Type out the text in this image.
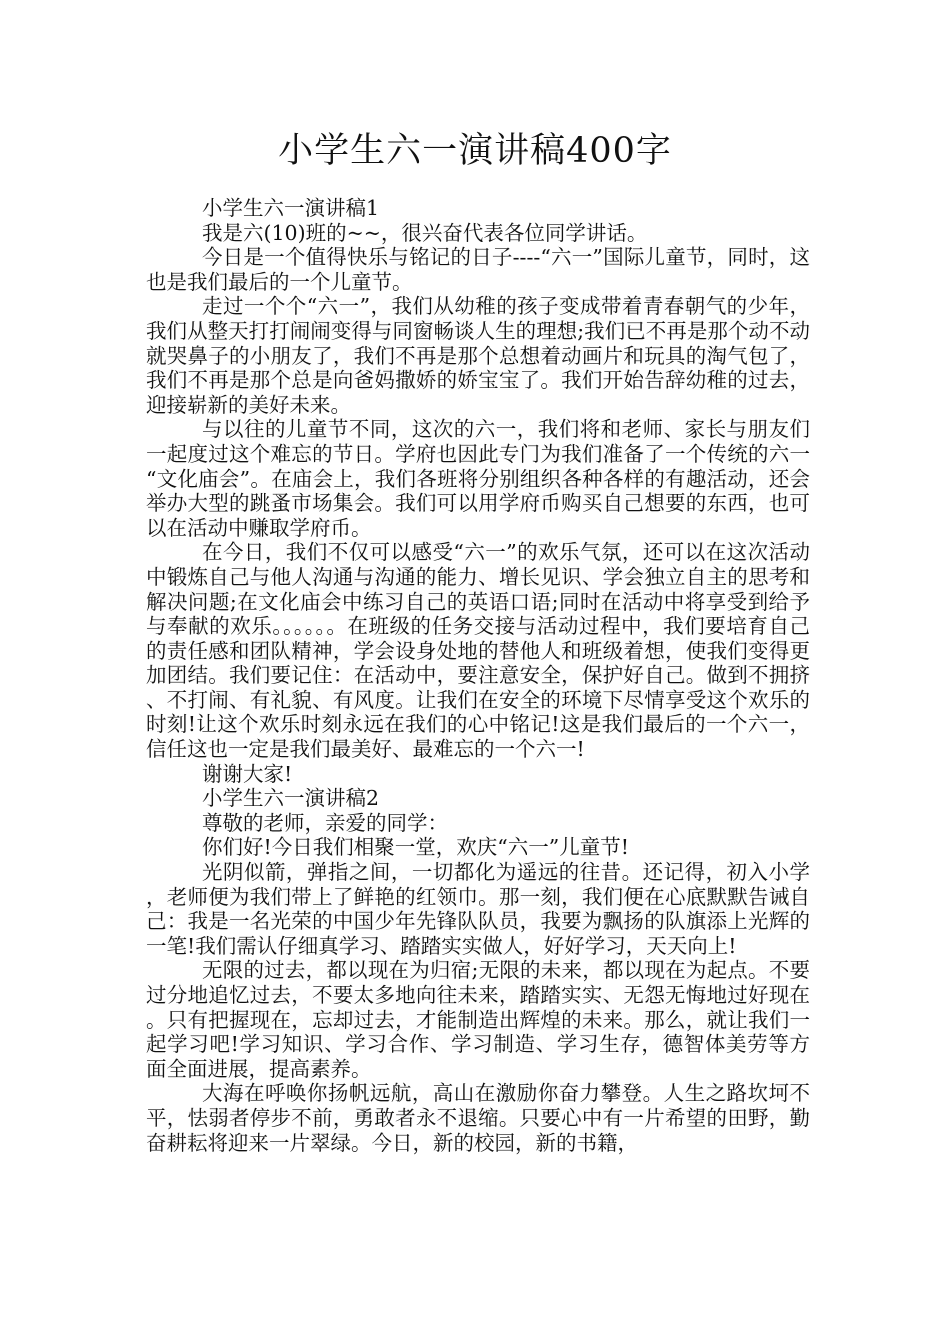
小学生六一演讲稿400字

小学生六一演讲稿1

我是六(10)班的~~，很兴奋代表各位同学讲话。

今日是一个值得快乐与铭记的日子----“六一”国际儿童节，同时，这也是我们最后的一个儿童节。

走过一个个“六一”，我们从幼稚的孩子变成带着青春朝气的少年，我们从整天打打闹闹变得与同窗畅谈人生的理想;我们已不再是那个动不动就哭鼻子的小朋友了，我们不再是那个总想着动画片和玩具的淘气包了，我们不再是那个总是向爸妈撒娇的娇宝宝了。我们开始告辞幼稚的过去，迎接崭新的美好未来。

与以往的儿童节不同，这次的六一，我们将和老师、家长与朋友们一起度过这个难忘的节日。学府也因此专门为我们准备了一个传统的六一“文化庙会”。在庙会上，我们各班将分别组织各种各样的有趣活动，还会举办大型的跳蚤市场集会。我们可以用学府币购买自己想要的东西，也可以在活动中赚取学府币。

在今日，我们不仅可以感受“六一”的欢乐气氛，还可以在这次活动中锻炼自己与他人沟通与沟通的能力、增长见识、学会独立自主的思考和解决问题;在文化庙会中练习自己的英语口语;同时在活动中将享受到给予与奉献的欢乐。。。。。。在班级的任务交接与活动过程中，我们要培育自己的责任感和团队精神，学会设身处地的替他人和班级着想，使我们变得更加团结。我们要记住：在活动中，要注意安全，保护好自己。做到不拥挤、不打闹、有礼貌、有风度。让我们在安全的环境下尽情享受这个欢乐的时刻!让这个欢乐时刻永远在我们的心中铭记!这是我们最后的一个六一，信任这也一定是我们最美好、最难忘的一个六一!

谢谢大家!

小学生六一演讲稿2

尊敬的老师，亲爱的同学：

你们好!今日我们相聚一堂，欢庆“六一”儿童节!

光阴似箭，弹指之间，一切都化为遥远的往昔。还记得，初入小学，老师便为我们带上了鲜艳的红领巾。那一刻，我们便在心底默默告诫自己：我是一名光荣的中国少年先锋队队员，我要为飘扬的队旗添上光辉的一笔!我们需认仔细真学习、踏踏实实做人，好好学习，天天向上!

无限的过去，都以现在为归宿;无限的未来，都以现在为起点。不要过分地追忆过去，不要太多地向往未来，踏踏实实、无怨无悔地过好现在。只有把握现在，忘却过去，才能制造出辉煌的未来。那么，就让我们一起学习吧!学习知识、学习合作、学习制造、学习生存，德智体美劳等方面全面进展，提高素养。

大海在呼唤你扬帆远航，高山在激励你奋力攀登。人生之路坎坷不平，怯弱者停步不前，勇敢者永不退缩。只要心中有一片希望的田野，勤奋耕耘将迎来一片翠绿。今日，新的校园，新的书籍，
